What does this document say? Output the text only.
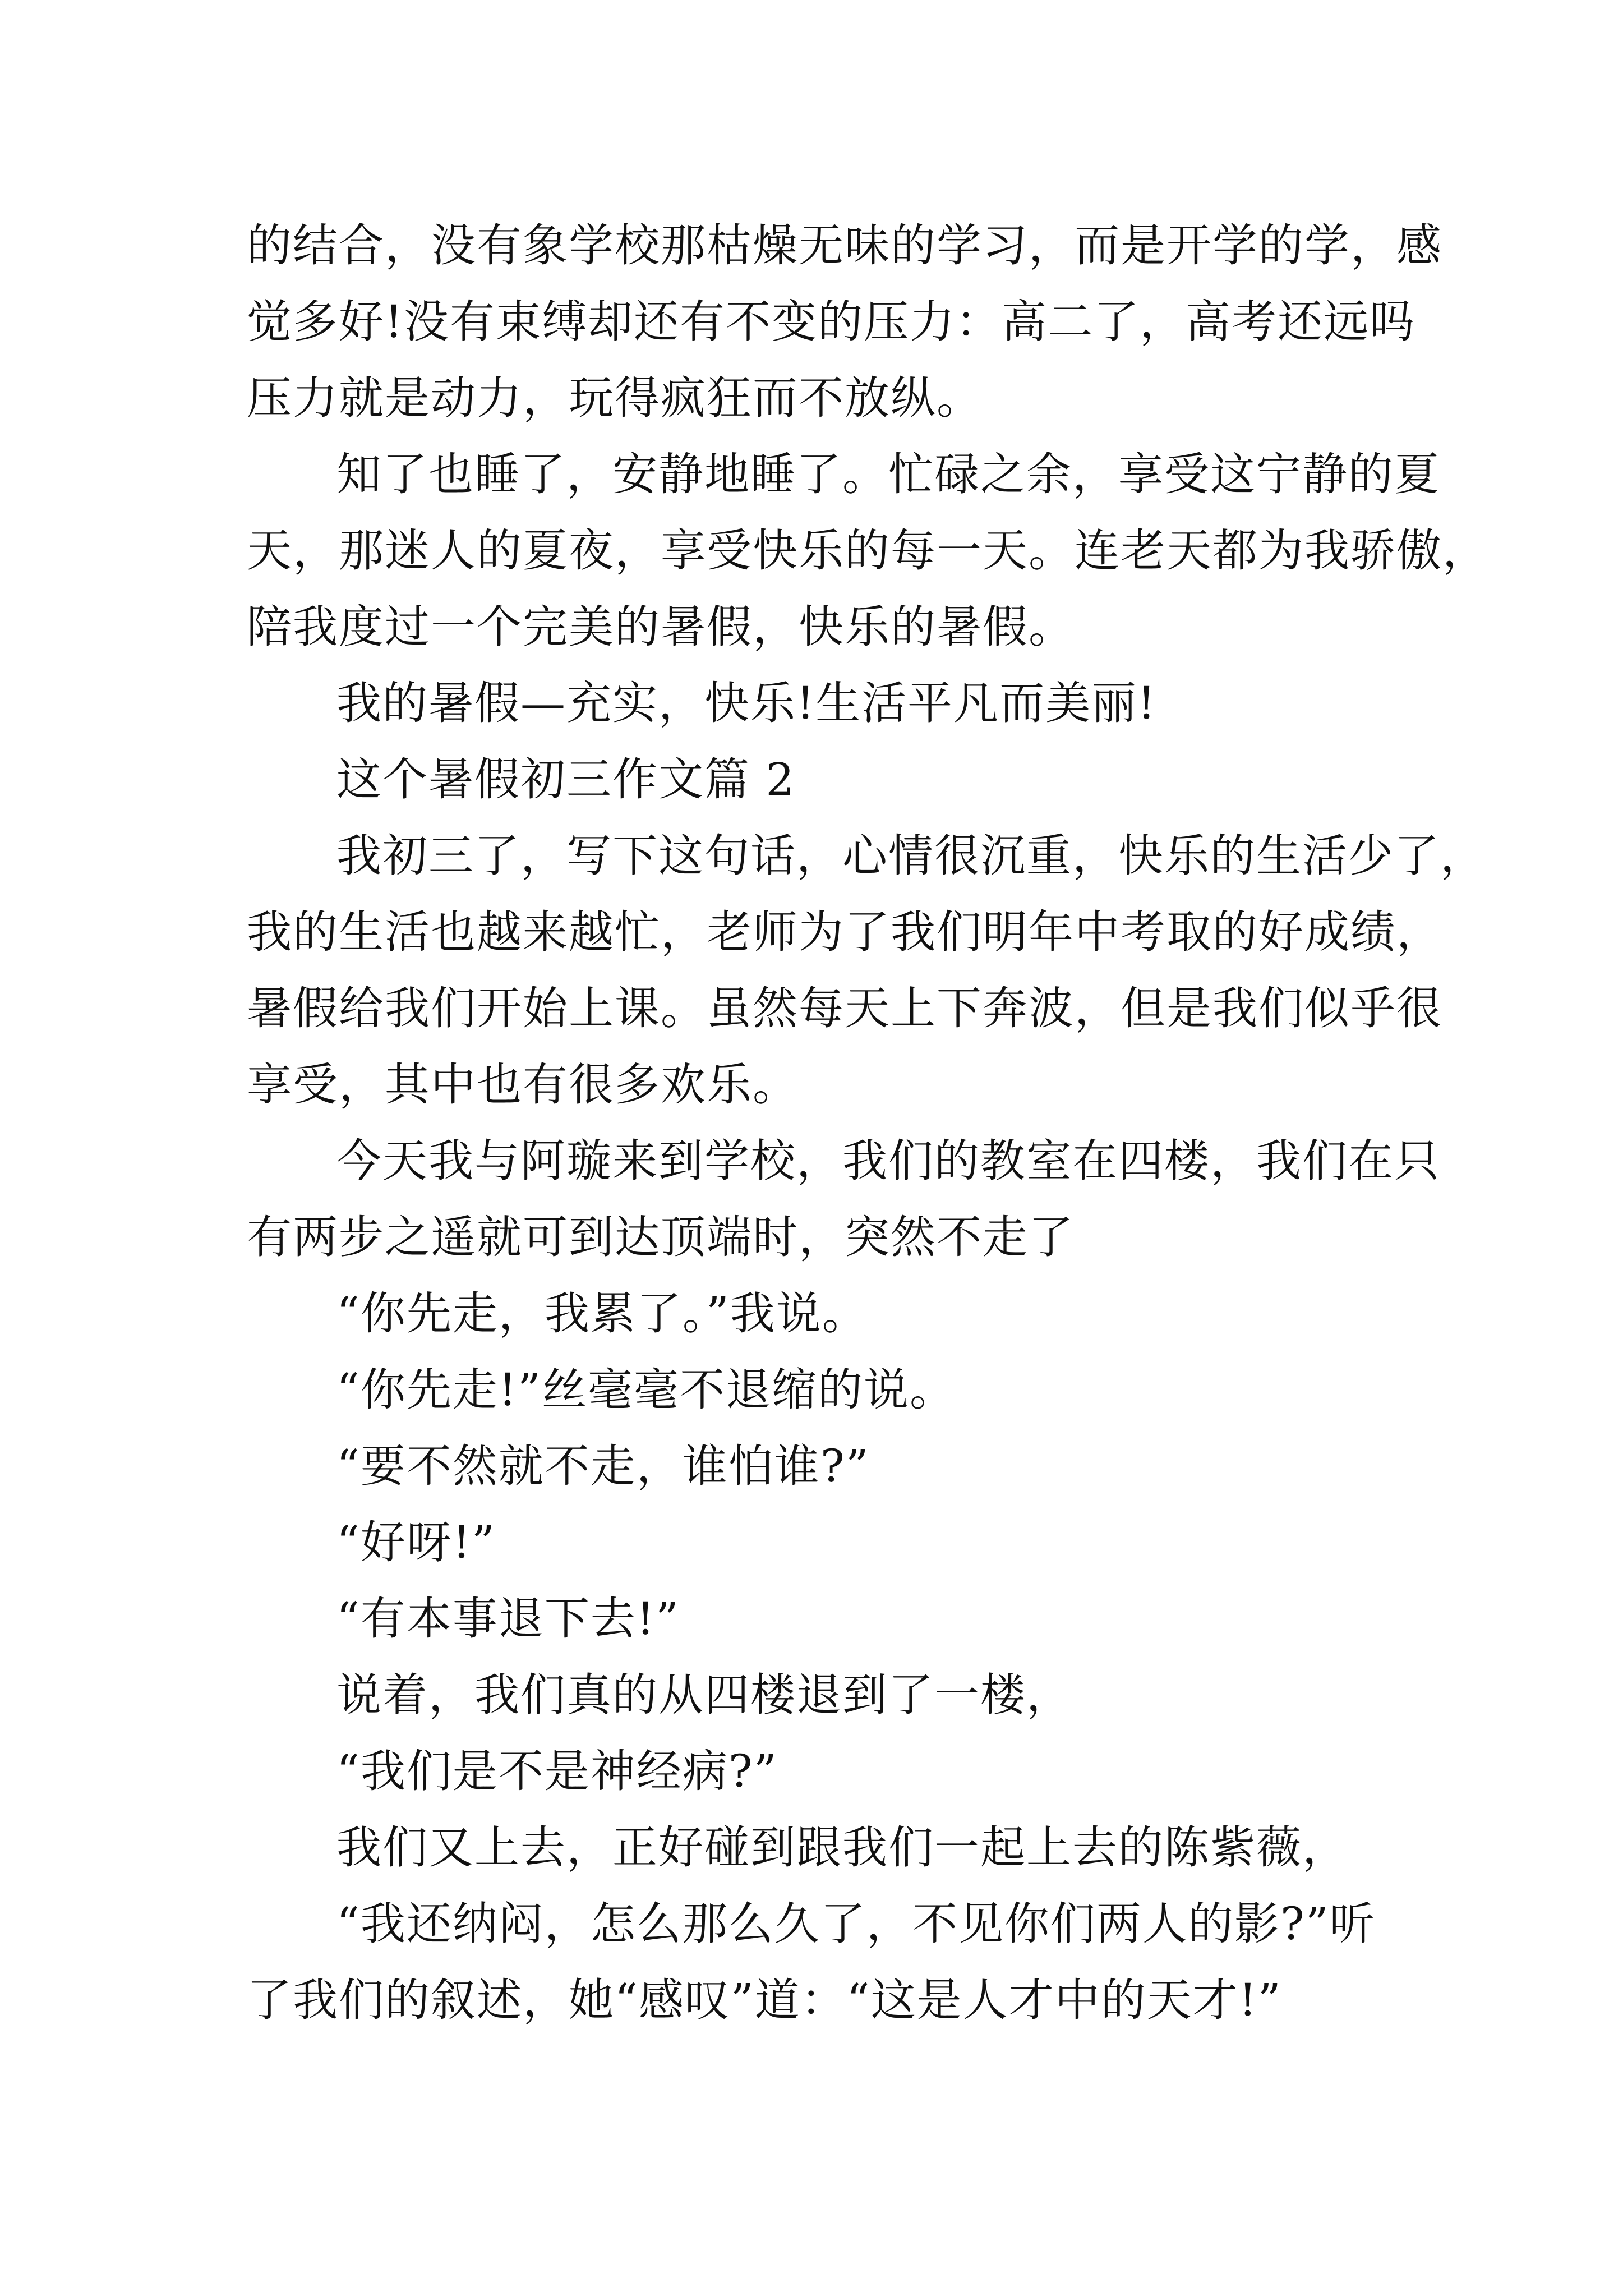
的结合，没有象学校那枯燥无味的学习，而是开学的学，感
觉多好!没有束缚却还有不变的压力：高二了，高考还远吗
压力就是动力，玩得疯狂而不放纵。
知了也睡了，安静地睡了。忙碌之余，享受这宁静的夏
天，那迷人的夏夜，享受快乐的每一天。连老天都为我骄傲，
陪我度过一个完美的暑假，快乐的暑假。
我的暑假—充实，快乐!生活平凡而美丽!
这个暑假初三作文篇 2
我初三了，写下这句话，心情很沉重，快乐的生活少了，
我的生活也越来越忙，老师为了我们明年中考取的好成绩，
暑假给我们开始上课。虽然每天上下奔波，但是我们似乎很
享受，其中也有很多欢乐。
今天我与阿璇来到学校，我们的教室在四楼，我们在只
有两步之遥就可到达顶端时，突然不走了
“你先走，我累了。”我说。
“你先走!”丝毫毫不退缩的说。
“要不然就不走，谁怕谁?”
“好呀!”
“有本事退下去!”
说着，我们真的从四楼退到了一楼，
“我们是不是神经病?”
我们又上去，正好碰到跟我们一起上去的陈紫薇，
“我还纳闷，怎么那么久了，不见你们两人的影?”听
了我们的叙述，她“感叹”道：“这是人才中的天才!”
